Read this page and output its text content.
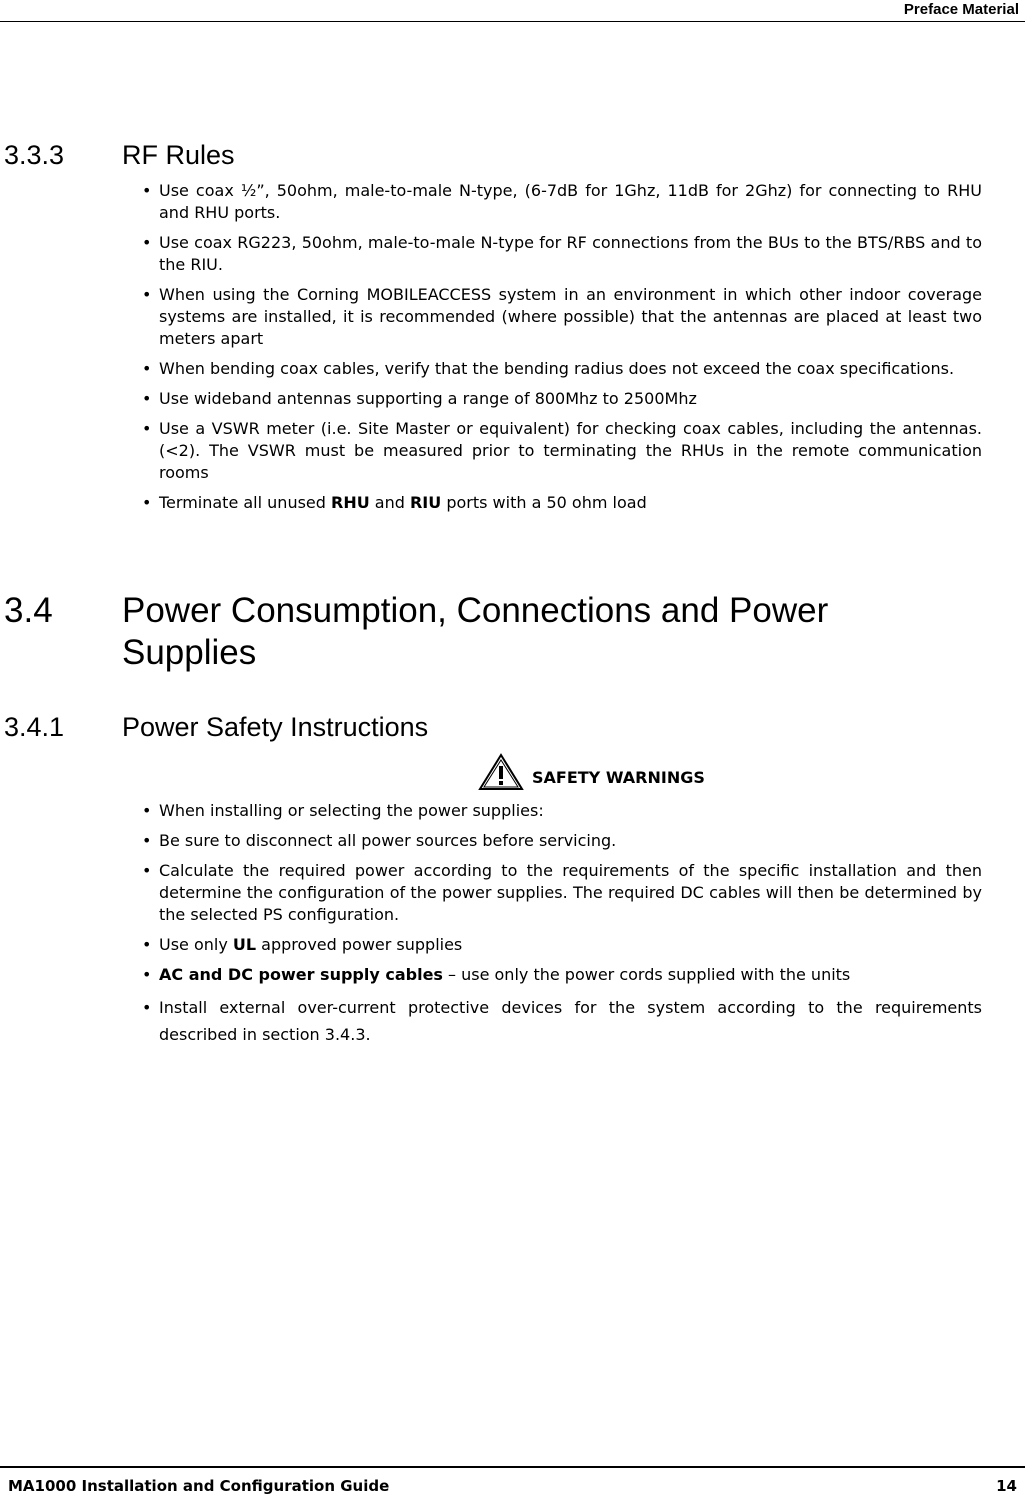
Preface Material
3.3.3 RF Rules
• Use coax ½”, 50ohm, male-to-male N-type, (6-7dB for 1Ghz, 11dB for 2Ghz) for connecting to RHU and RHU ports.
• Use coax RG223, 50ohm, male-to-male N-type for RF connections from the BUs to the BTS/RBS and to the RIU.
• When using the Corning MOBILEACCESS system in an environment in which other indoor coverage systems are installed, it is recommended (where possible) that the antennas are placed at least two meters apart
• When bending coax cables, verify that the bending radius does not exceed the coax specifications.
• Use wideband antennas supporting a range of 800Mhz to 2500Mhz
• Use a VSWR meter (i.e. Site Master or equivalent) for checking coax cables, including the antennas. (<2). The VSWR must be measured prior to terminating the RHUs in the remote communication rooms
• Terminate all unused RHU and RIU ports with a 50 ohm load
3.4 Power Consumption, Connections and Power Supplies
3.4.1 Power Safety Instructions
SAFETY WARNINGS
• When installing or selecting the power supplies:
• Be sure to disconnect all power sources before servicing.
• Calculate the required power according to the requirements of the specific installation and then determine the configuration of the power supplies. The required DC cables will then be determined by the selected PS configuration.
• Use only UL approved power supplies
• AC and DC power supply cables – use only the power cords supplied with the units
• Install external over-current protective devices for the system according to the requirements described in section 3.4.3.
MA1000 Installation and Configuration Guide	14
